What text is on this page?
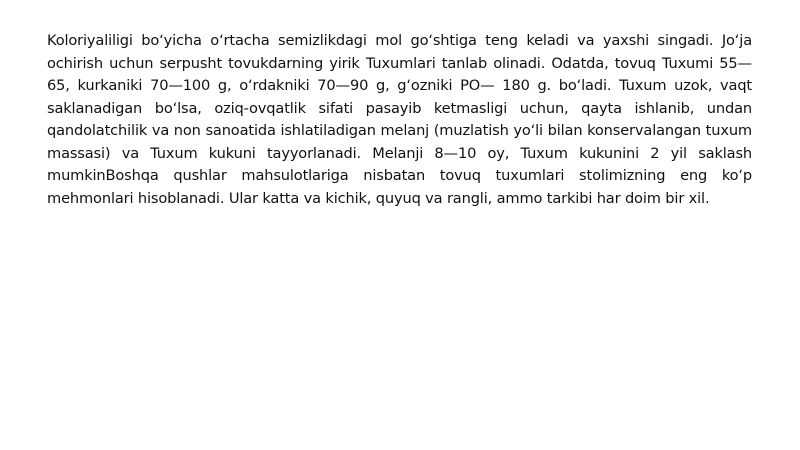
Koloriyaliligi bo‘yicha o‘rtacha semizlikdagi mol go‘shtiga teng keladi va yaxshi singadi. Jo‘ja ochirish uchun serpusht tovukdarning yirik Tuxumlari tanlab olinadi. Odatda, tovuq Tuxumi 55—65, kurkaniki 70—100 g, o‘rdakniki 70—90 g, g‘ozniki PO— 180 g. bo‘ladi. Tuxum uzok, vaqt saklanadigan bo‘lsa, oziq-ovqatlik sifati pasayib ketmasligi uchun, qayta ishlanib, undan qandolatchilik va non sanoatida ishlatiladigan melanj (muzlatish yo‘li bilan konservalangan tuxum massasi) va Tuxum kukuni tayyorlanadi. Melanji 8—10 oy, Tuxum kukunini 2 yil saklash mumkinBoshqa qushlar mahsulotlariga nisbatan tovuq tuxumlari stolimizning eng ko‘p mehmonlari hisoblanadi. Ular katta va kichik, quyuq va rangli, ammo tarkibi har doim bir xil.
